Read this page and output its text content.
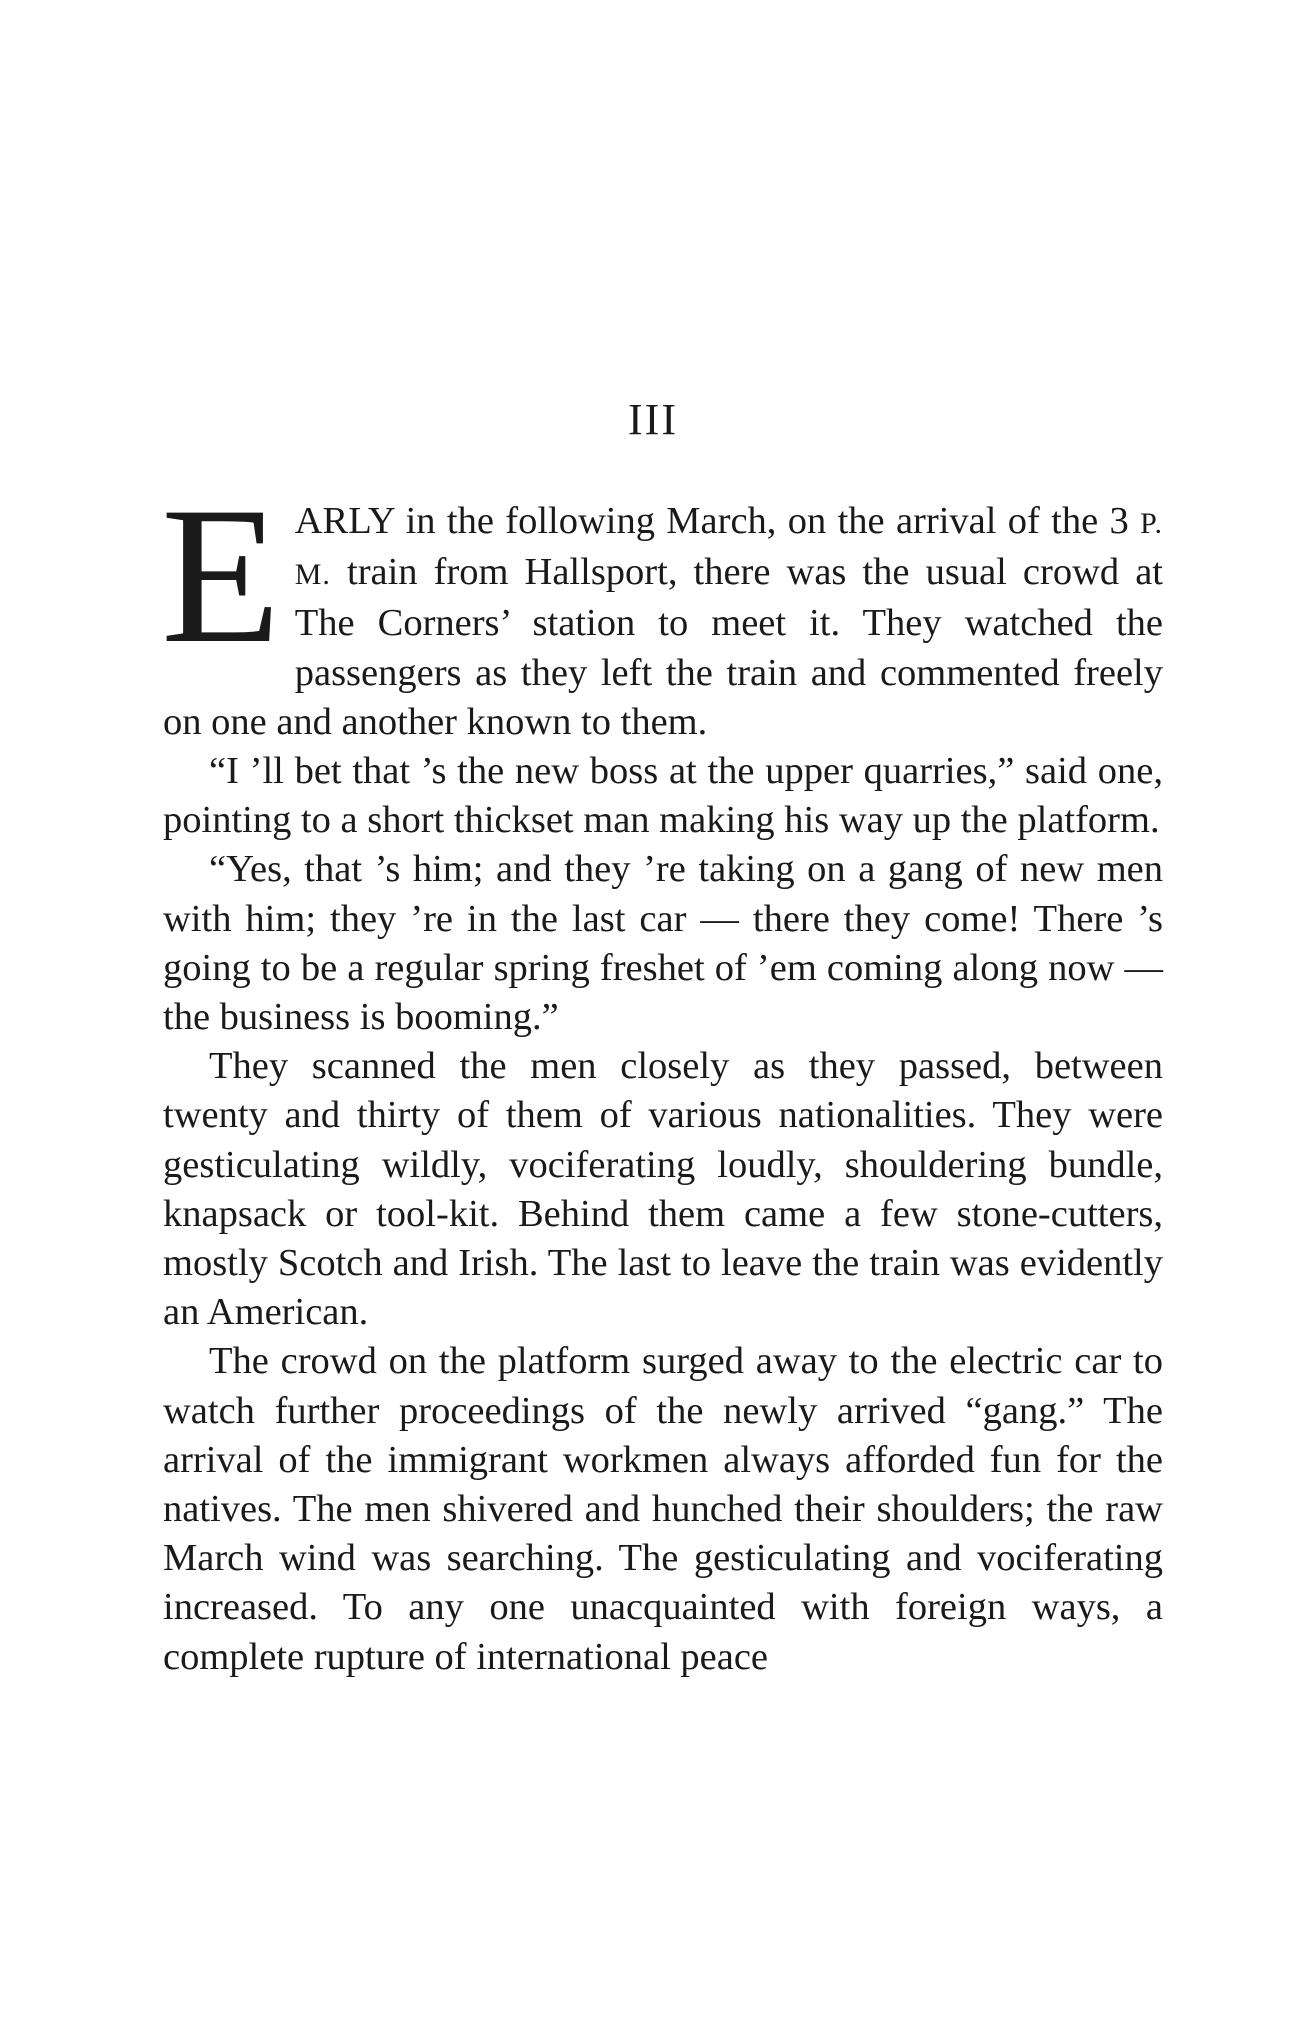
III

EARLY in the following March, on the arrival of the 3 P. M. train from Hallsport, there was the usual crowd at The Corners’ station to meet it. They watched the passengers as they left the train and commented freely on one and another known to them.

“I ’ll bet that ’s the new boss at the upper quarries,” said one, pointing to a short thickset man making his way up the platform.

“Yes, that ’s him; and they ’re taking on a gang of new men with him; they ’re in the last car — there they come! There ’s going to be a regular spring freshet of ’em coming along now — the business is booming.”

They scanned the men closely as they passed, between twenty and thirty of them of various nationalities. They were gesticulating wildly, vociferating loudly, shouldering bundle, knapsack or tool-kit. Behind them came a few stone-cutters, mostly Scotch and Irish. The last to leave the train was evidently an American.

The crowd on the platform surged away to the electric car to watch further proceedings of the newly arrived “gang.” The arrival of the immigrant workmen always afforded fun for the natives. The men shivered and hunched their shoulders; the raw March wind was searching. The gesticulating and vociferating increased. To any one unacquainted with foreign ways, a complete rupture of international peace
